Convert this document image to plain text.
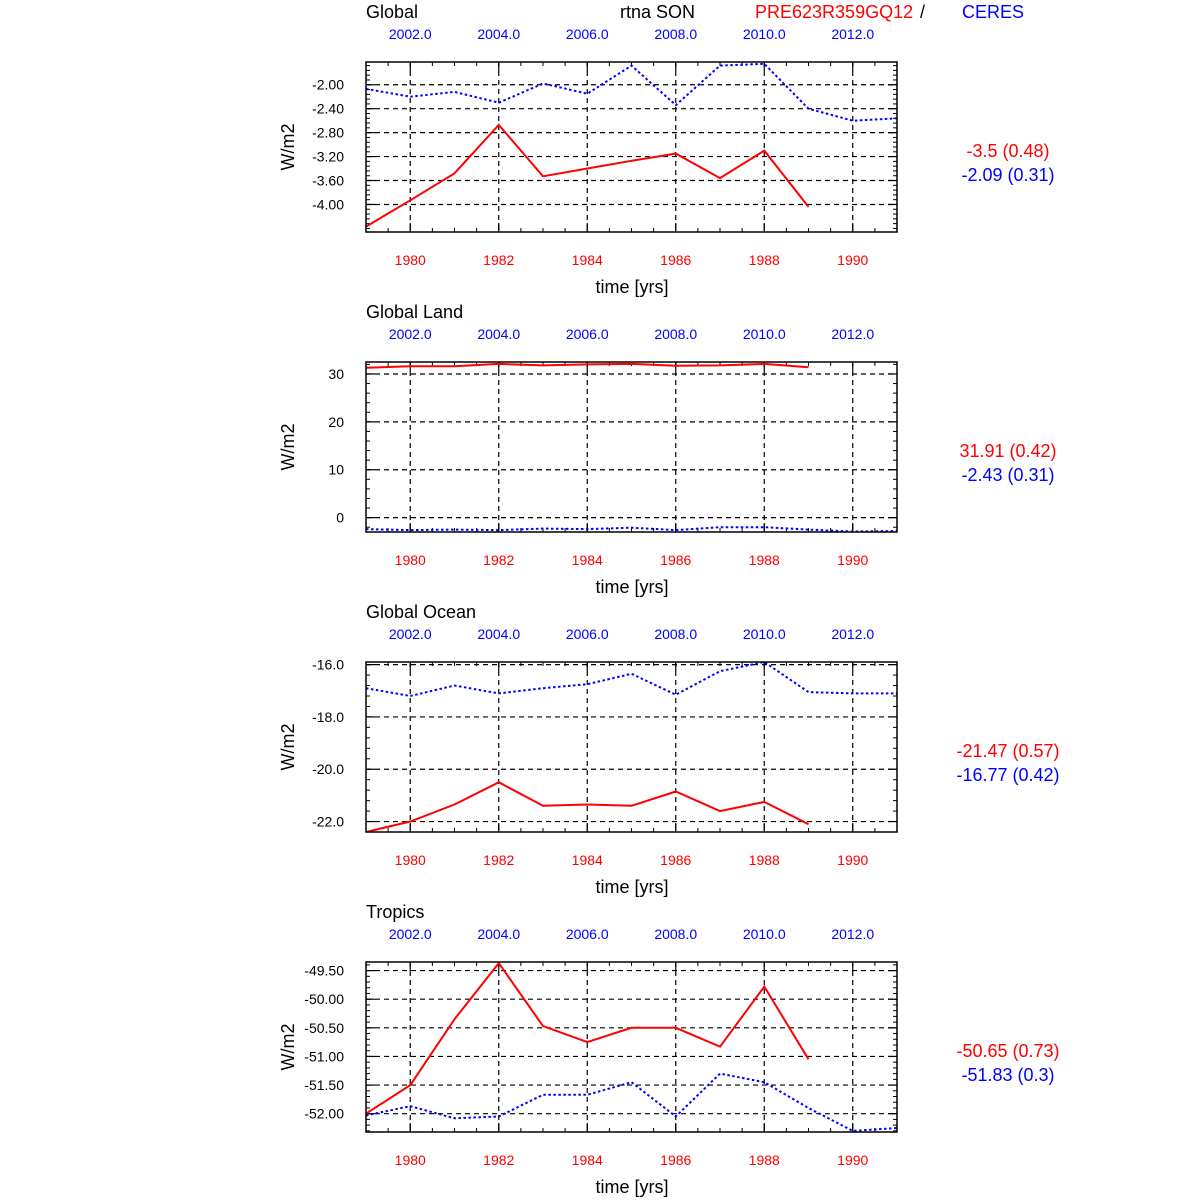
rtna SON	PRE623R359GQ12 / CERES
Global
-2.00
-2.40
-2.80
-3.20
-3.60
-4.00
1980	1982	1984	1986	1988	1990
2002.0	2004.0	2006.0	2008.0	2010.0	2012.0
time [yrs]
W/m2	-3.5 (0.48)
-2.09 (0.31)
Global Land
30
20
10
0
1980	1982	1984	1986	1988	1990
2002.0	2004.0	2006.0	2008.0	2010.0	2012.0
time [yrs]
W/m2	31.91 (0.42)
-2.43 (0.31)
Global Ocean
-16.0
-18.0
-20.0
-22.0
1980	1982	1984	1986	1988	1990
2002.0	2004.0	2006.0	2008.0	2010.0	2012.0
time [yrs]
W/m2	-21.47 (0.57)
-16.77 (0.42)
Tropics
-49.50
-50.00
-50.50
-51.00
-51.50
-52.00
1980	1982	1984	1986	1988	1990
2002.0	2004.0	2006.0	2008.0	2010.0	2012.0
time [yrs]
W/m2	-50.65 (0.73)
-51.83 (0.3)
